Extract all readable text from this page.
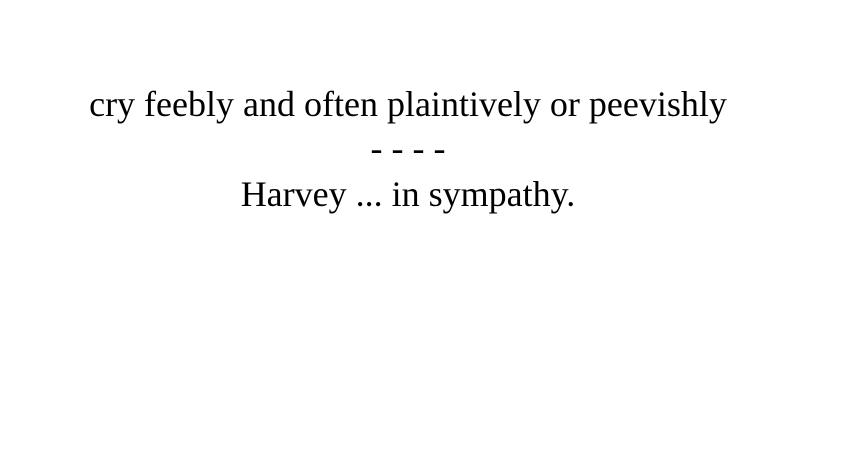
cry feebly and often plaintively or peevishly
- - - -
Harvey ... in sympathy.
